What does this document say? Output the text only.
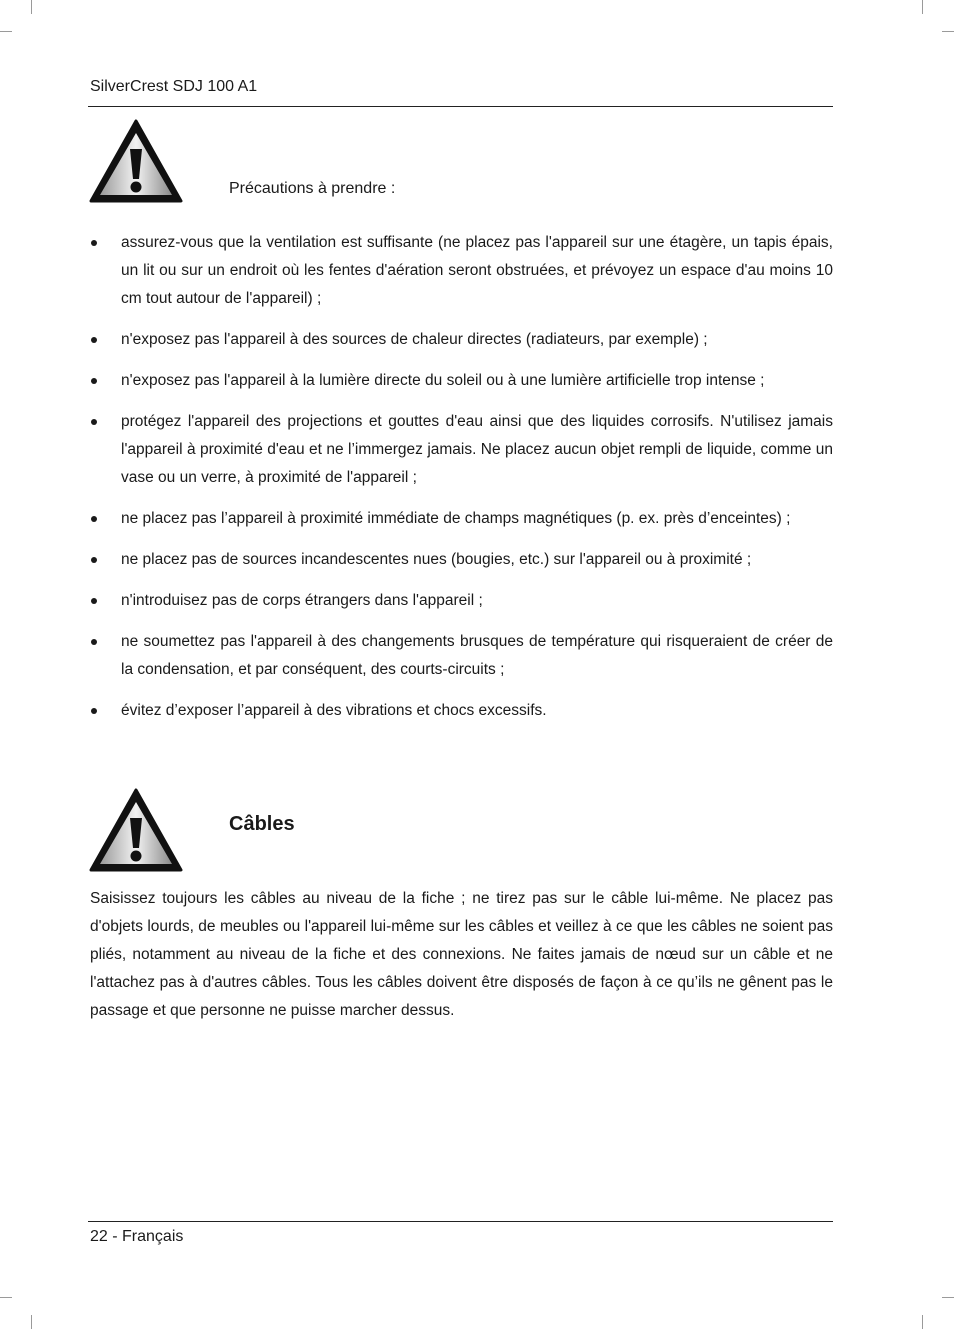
SilverCrest SDJ 100 A1
Précautions à prendre :
assurez-vous que la ventilation est suffisante (ne placez pas l'appareil sur une étagère, un tapis épais, un lit ou sur un endroit où les fentes d'aération seront obstruées, et prévoyez un espace d'au moins 10 cm tout autour de l'appareil) ;
n'exposez pas l'appareil à des sources de chaleur directes (radiateurs, par exemple) ;
n'exposez pas l'appareil à la lumière directe du soleil ou à une lumière artificielle trop intense ;
protégez l'appareil des projections et gouttes d'eau ainsi que des liquides corrosifs. N'utilisez jamais l'appareil à proximité d'eau et ne l’immergez jamais. Ne placez aucun objet rempli de liquide, comme un vase ou un verre, à proximité de l'appareil ;
ne placez pas l’appareil à proximité immédiate de champs magnétiques (p. ex. près d’enceintes) ;
ne placez pas de sources incandescentes nues (bougies, etc.) sur l'appareil ou à proximité ;
n'introduisez pas de corps étrangers dans l'appareil ;
ne soumettez pas l'appareil à des changements brusques de température qui risqueraient de créer de la condensation, et par conséquent, des courts-circuits ;
évitez d’exposer l’appareil à des vibrations et chocs excessifs.
Câbles

Saisissez toujours les câbles au niveau de la fiche ; ne tirez pas sur le câble lui-même. Ne placez pas d'objets lourds, de meubles ou l'appareil lui-même sur les câbles et veillez à ce que les câbles ne soient pas pliés, notamment au niveau de la fiche et des connexions. Ne faites jamais de nœud sur un câble et ne l'attachez pas à d'autres câbles. Tous les câbles doivent être disposés de façon à ce qu’ils ne gênent pas le passage et que personne ne puisse marcher dessus.

22 - Français
